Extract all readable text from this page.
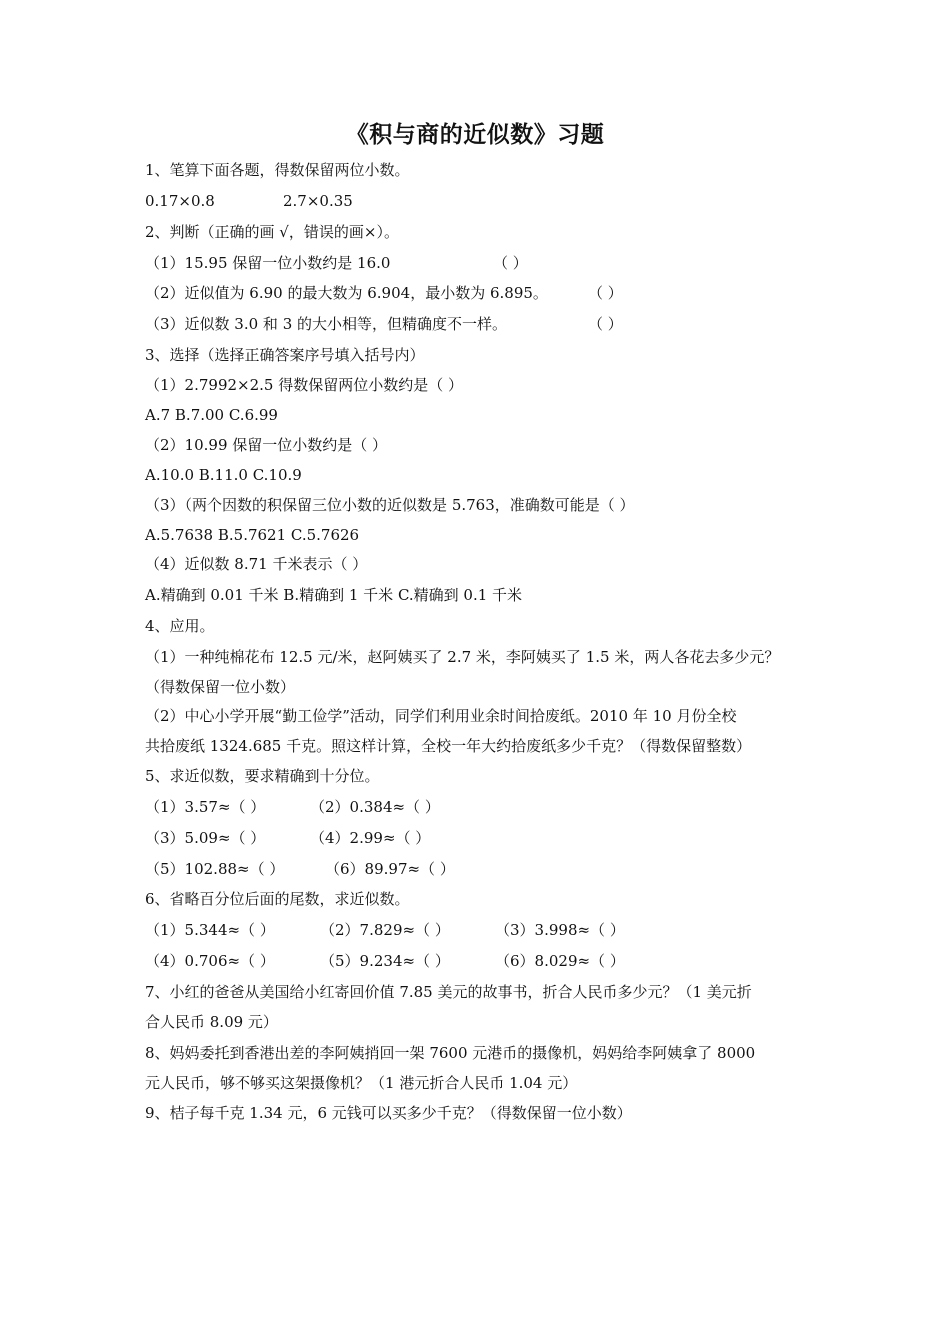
《积与商的近似数》习题
1、笔算下面各题，得数保留两位小数。
0.17×0.8	2.7×0.35
2、判断（正确的画 √，错误的画×）。
（1）15.95 保留一位小数约是 16.0	（ ）
（2）近似值为 6.90 的最大数为 6.904，最小数为 6.895。	（ ）
（3）近似数 3.0 和 3 的大小相等，但精确度不一样。	（ ）
3、选择（选择正确答案序号填入括号内）
（1）2.7992×2.5 得数保留两位小数约是（ ）
A.7 B.7.00 C.6.99
（2）10.99 保留一位小数约是（ ）
A.10.0 B.11.0 C.10.9
（3）（两个因数的积保留三位小数的近似数是 5.763，准确数可能是（ ）
A.5.7638 B.5.7621 C.5.7626
（4）近似数 8.71 千米表示（ ）
A.精确到 0.01 千米 B.精确到 1 千米 C.精确到 0.1 千米
4、应用。
（1）一种纯棉花布 12.5 元/米，赵阿姨买了 2.7 米，李阿姨买了 1.5 米，两人各花去多少元？
（得数保留一位小数）
（2）中心小学开展“勤工俭学”活动，同学们利用业余时间拾废纸。2010 年 10 月份全校
共拾废纸 1324.685 千克。照这样计算，全校一年大约拾废纸多少千克？（得数保留整数）
5、求近似数，要求精确到十分位。
（1）3.57≈（ ）	（2）0.384≈（ ）
（3）5.09≈（ ）	（4）2.99≈（ ）
（5）102.88≈（ ）	（6）89.97≈（ ）
6、省略百分位后面的尾数，求近似数。
（1）5.344≈（ ）	（2）7.829≈（ ）	（3）3.998≈（ ）
（4）0.706≈（ ）	（5）9.234≈（ ）	（6）8.029≈（ ）
7、小红的爸爸从美国给小红寄回价值 7.85 美元的故事书，折合人民币多少元？（1 美元折
合人民币 8.09 元）
8、妈妈委托到香港出差的李阿姨捎回一架 7600 元港币的摄像机，妈妈给李阿姨拿了 8000
元人民币，够不够买这架摄像机？（1 港元折合人民币 1.04 元）
9、桔子每千克 1.34 元，6 元钱可以买多少千克？（得数保留一位小数）
